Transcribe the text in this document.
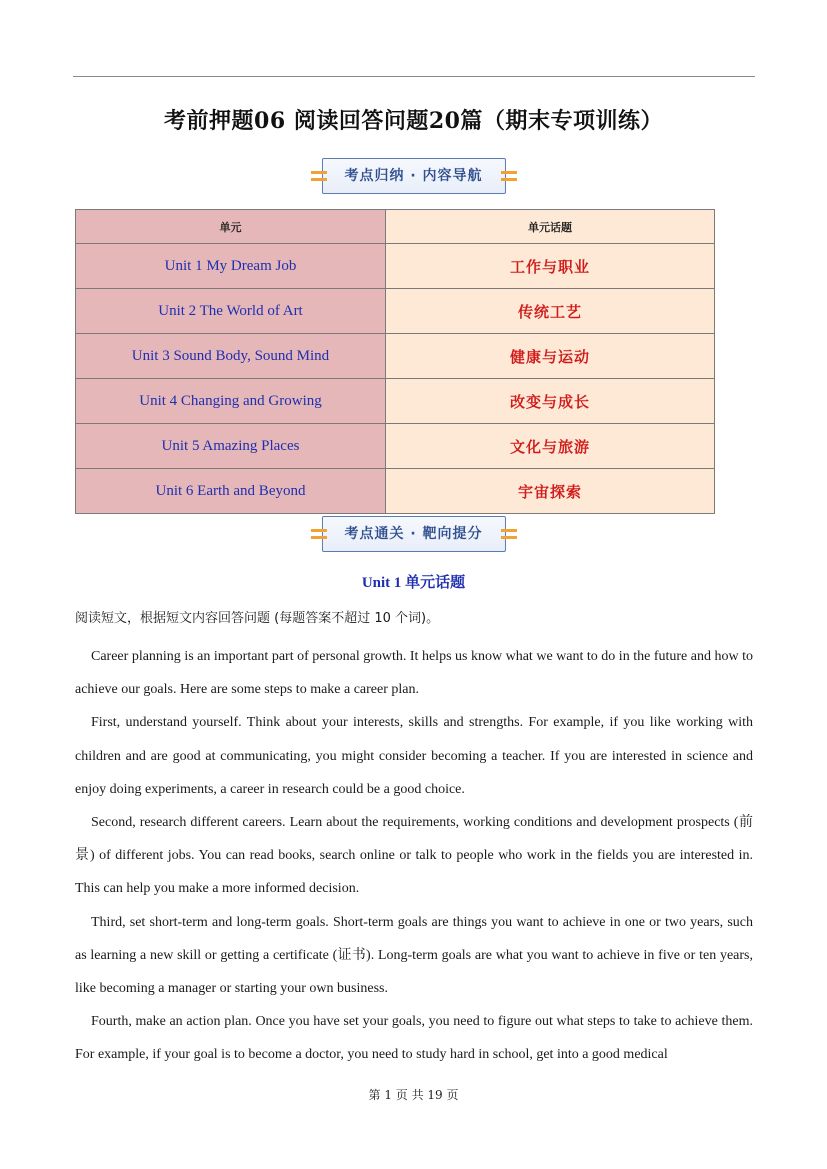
考前押题06 阅读回答问题20篇（期末专项训练）
考点归纳 · 内容导航
单元	单元话题
Unit 1 My Dream Job	工作与职业
Unit 2 The World of Art	传统工艺
Unit 3 Sound Body, Sound Mind	健康与运动
Unit 4 Changing and Growing	改变与成长
Unit 5 Amazing Places	文化与旅游
Unit 6 Earth and Beyond	宇宙探索
考点通关 · 靶向提分
Unit 1 单元话题
阅读短文，根据短文内容回答问题 (每题答案不超过 10 个词)。

Career planning is an important part of personal growth. It helps us know what we want to do in the future and how to achieve our goals. Here are some steps to make a career plan.

First, understand yourself. Think about your interests, skills and strengths. For example, if you like working with children and are good at communicating, you might consider becoming a teacher. If you are interested in science and enjoy doing experiments, a career in research could be a good choice.

Second, research different careers. Learn about the requirements, working conditions and development prospects (前景) of different jobs. You can read books, search online or talk to people who work in the fields you are interested in. This can help you make a more informed decision.

Third, set short-term and long-term goals. Short-term goals are things you want to achieve in one or two years, such as learning a new skill or getting a certificate (证书). Long-term goals are what you want to achieve in five or ten years, like becoming a manager or starting your own business.

Fourth, make an action plan. Once you have set your goals, you need to figure out what steps to take to achieve them. For example, if your goal is to become a doctor, you need to study hard in school, get into a good medical

第 1 页 共 19 页
